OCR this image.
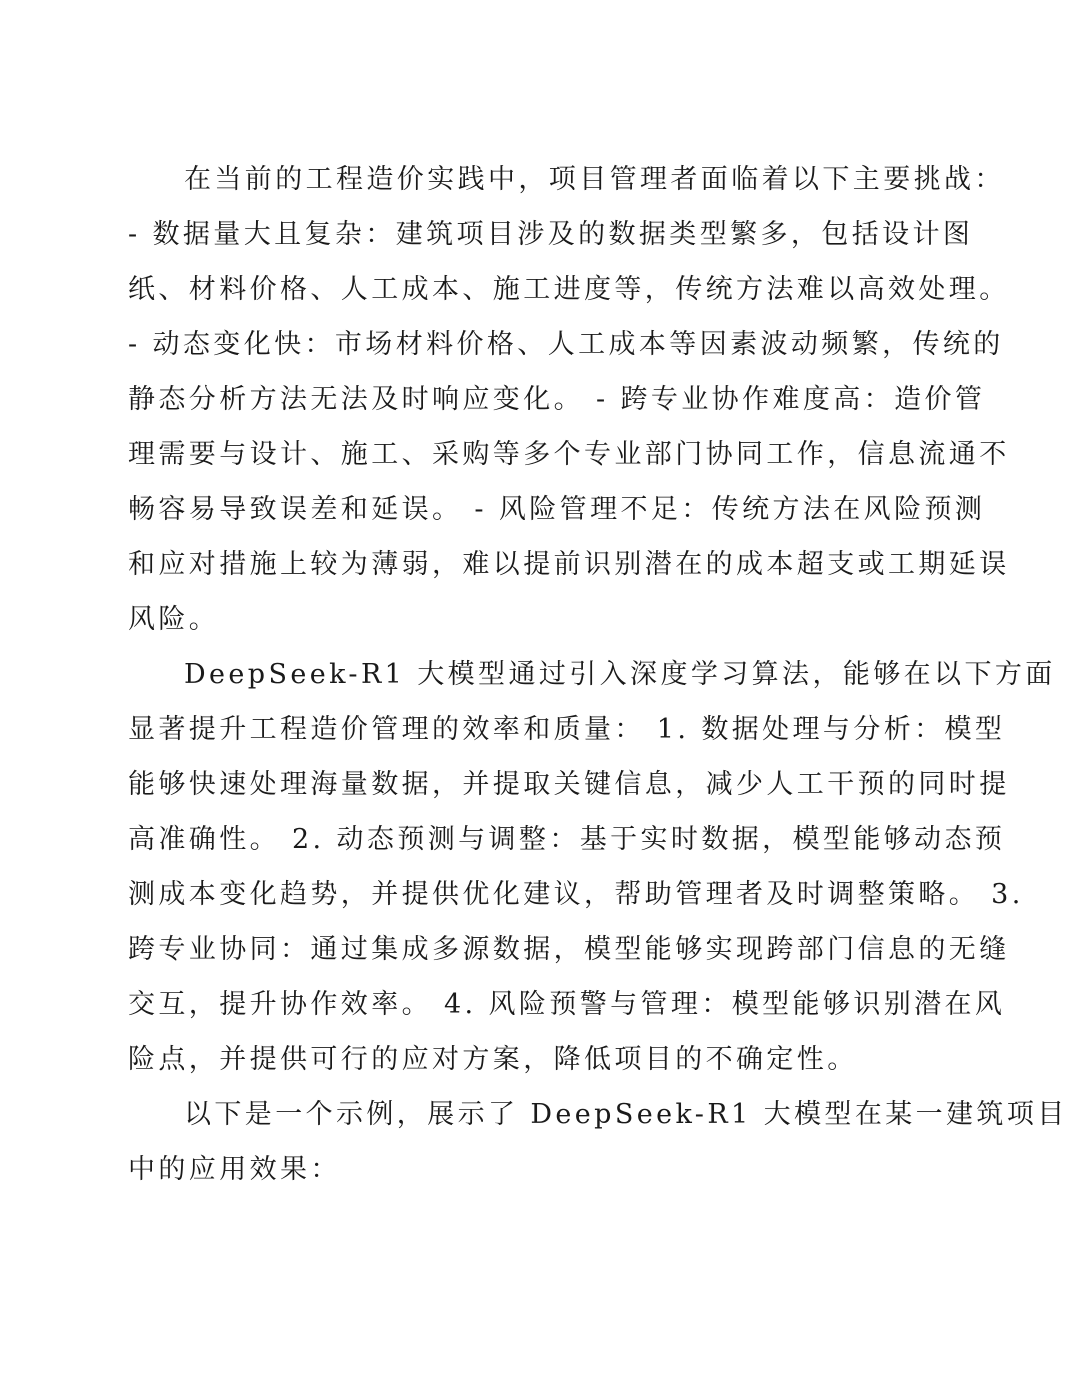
在当前的工程造价实践中，项目管理者面临着以下主要挑战：
- 数据量大且复杂：建筑项目涉及的数据类型繁多，包括设计图
纸、材料价格、人工成本、施工进度等，传统方法难以高效处理。
- 动态变化快：市场材料价格、人工成本等因素波动频繁，传统的
静态分析方法无法及时响应变化。 - 跨专业协作难度高：造价管
理需要与设计、施工、采购等多个专业部门协同工作，信息流通不
畅容易导致误差和延误。 - 风险管理不足：传统方法在风险预测
和应对措施上较为薄弱，难以提前识别潜在的成本超支或工期延误
风险。
DeepSeek-R1 大模型通过引入深度学习算法，能够在以下方面
显著提升工程造价管理的效率和质量： 1. 数据处理与分析：模型
能够快速处理海量数据，并提取关键信息，减少人工干预的同时提
高准确性。 2. 动态预测与调整：基于实时数据，模型能够动态预
测成本变化趋势，并提供优化建议，帮助管理者及时调整策略。 3.
跨专业协同：通过集成多源数据，模型能够实现跨部门信息的无缝
交互，提升协作效率。 4. 风险预警与管理：模型能够识别潜在风
险点，并提供可行的应对方案，降低项目的不确定性。
以下是一个示例，展示了 DeepSeek-R1 大模型在某一建筑项目
中的应用效果：
